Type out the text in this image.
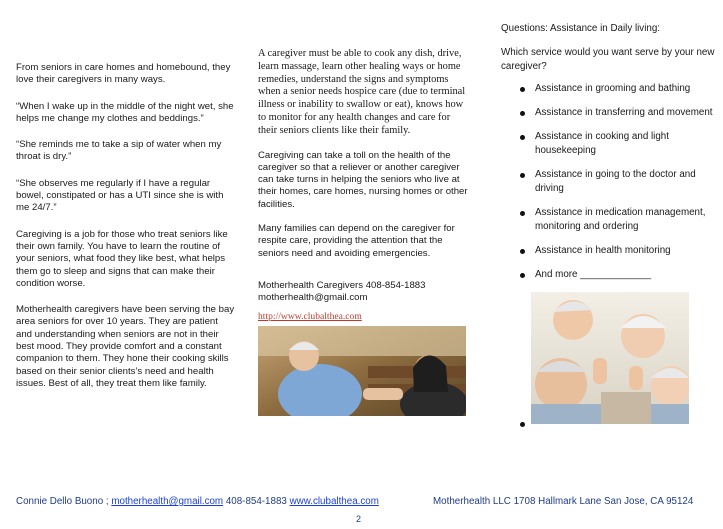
From seniors in care homes and homebound, they love their caregivers in many ways.

“When I wake up in the middle of the night wet, she helps me change my clothes and beddings.”

“She reminds me to take a sip of water when my throat is dry.”

“She observes me regularly if I have a regular bowel, constipated or has a UTI since she is with me 24/7.”

Caregiving is a job for those who treat seniors like their own family. You have to learn the routine of your seniors, what food they like best, what helps them go to sleep and signs that can make their condition worse.

Motherhealth caregivers have been serving the bay area seniors for over 10 years. They are patient and understanding when seniors are not in their best mood. They provide comfort and a constant companion to them. They hone their cooking skills based on their senior clients’s need and health issues. Best of all, they treat them like family.

A caregiver must be able to cook any dish, drive, learn massage, learn other healing ways or home remedies, understand the signs and symptoms when a senior needs hospice care (due to terminal illness or inability to swallow or eat), knows how to monitor for any health changes and care for their seniors clients like their family.

Caregiving can take a toll on the health of the caregiver so that a reliever or another caregiver can take turns in helping the seniors who live at their homes, care homes, nursing homes or other facilities.

Many families can depend on the caregiver for respite care, providing the attention that the seniors need and avoiding emergencies.

Motherhealth Caregivers 408-854-1883
motherhealth@gmail.com
http://www.clubalthea.com

Questions: Assistance in Daily living:

Which service would you want serve by your new caregiver?

Assistance in grooming and bathing
Assistance in transferring and movement
Assistance in cooking and light housekeeping
Assistance in going to the doctor and driving
Assistance in medication management, monitoring and ordering
Assistance in health monitoring
And more _____________
Connie Dello Buono ; motherhealth@gmail.com 408-854-1883 www.clubalthea.com	Motherhealth LLC 1708 Hallmark Lane San Jose, CA 95124
2
